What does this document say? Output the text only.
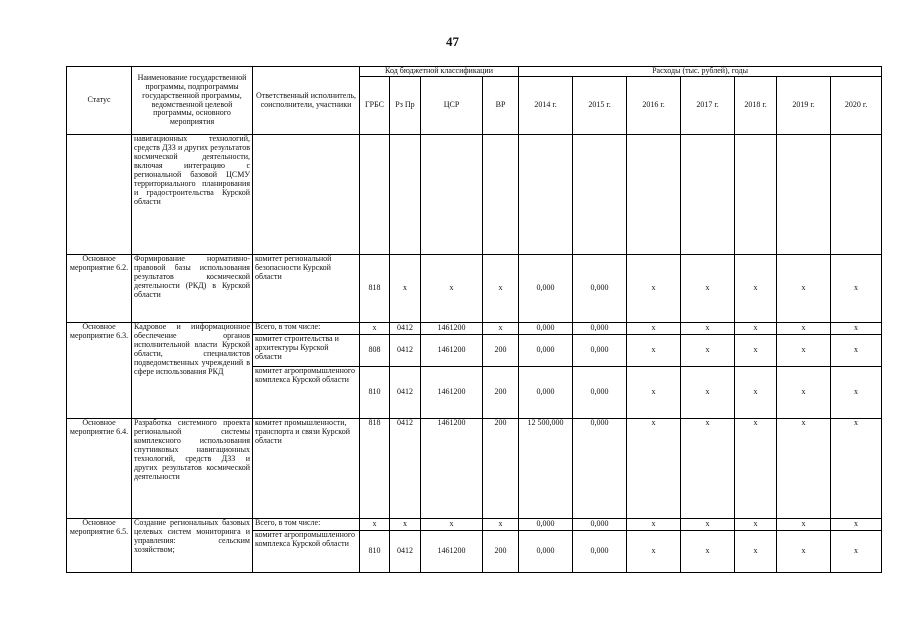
47
Статус	Наименование государственной программы, подпрограммы государственной программы, ведомственной целевой программы, основного мероприятия	Ответственный исполнитель, соисполнители, участники	Код бюджетной классификации				Расходы (тыс. рублей), годы						
			ГРБС	Рз Пр	ЦСР	ВР	2014 г.	2015 г.	2016 г.	2017 г.	2018 г.	2019 г.	2020 г.
	навигационных технологий, средств ДЗЗ и других результатов космической деятельности, включая интеграцию с региональной базовой ЦСМУ территориального планирования и градостроительства Курской области												
Основное мероприятие 6.2.	Формирование нормативно-правовой базы использования результатов космической деятельности (РКД) в Курской области	комитет региональной безопасности Курской области	818	х	х	х	0,000	0,000	х	х	х	х	х
Основное мероприятие 6.3.	Кадровое и информационное обеспечение органов исполнительной власти Курской области, специалистов подведомственных учреждений в сфере использования РКД	Всего, в том числе:	х	0412	1461200	х	0,000	0,000	х	х	х	х	х
		комитет строительства и архитектуры Курской области	808	0412	1461200	200	0,000	0,000	х	х	х	х	х
		комитет агропромышленного комплекса Курской области	810	0412	1461200	200	0,000	0,000	х	х	х	х	х
Основное мероприятие 6.4.	Разработка системного проекта региональной системы комплексного использования спутниковых навигационных технологий, средств ДЗЗ и других результатов космической деятельности	комитет промышленности, транспорта и связи Курской области	818	0412	1461200	200	12 500,000	0,000	х	х	х	х	х
Основное мероприятие 6.5.	Создание региональных базовых целевых систем мониторинга и управления: сельским хозяйством;	Всего, в том числе:	х	х	х	х	0,000	0,000	х	х	х	х	х
		комитет агропромышленного комплекса Курской области	810	0412	1461200	200	0,000	0,000	х	х	х	х	х
